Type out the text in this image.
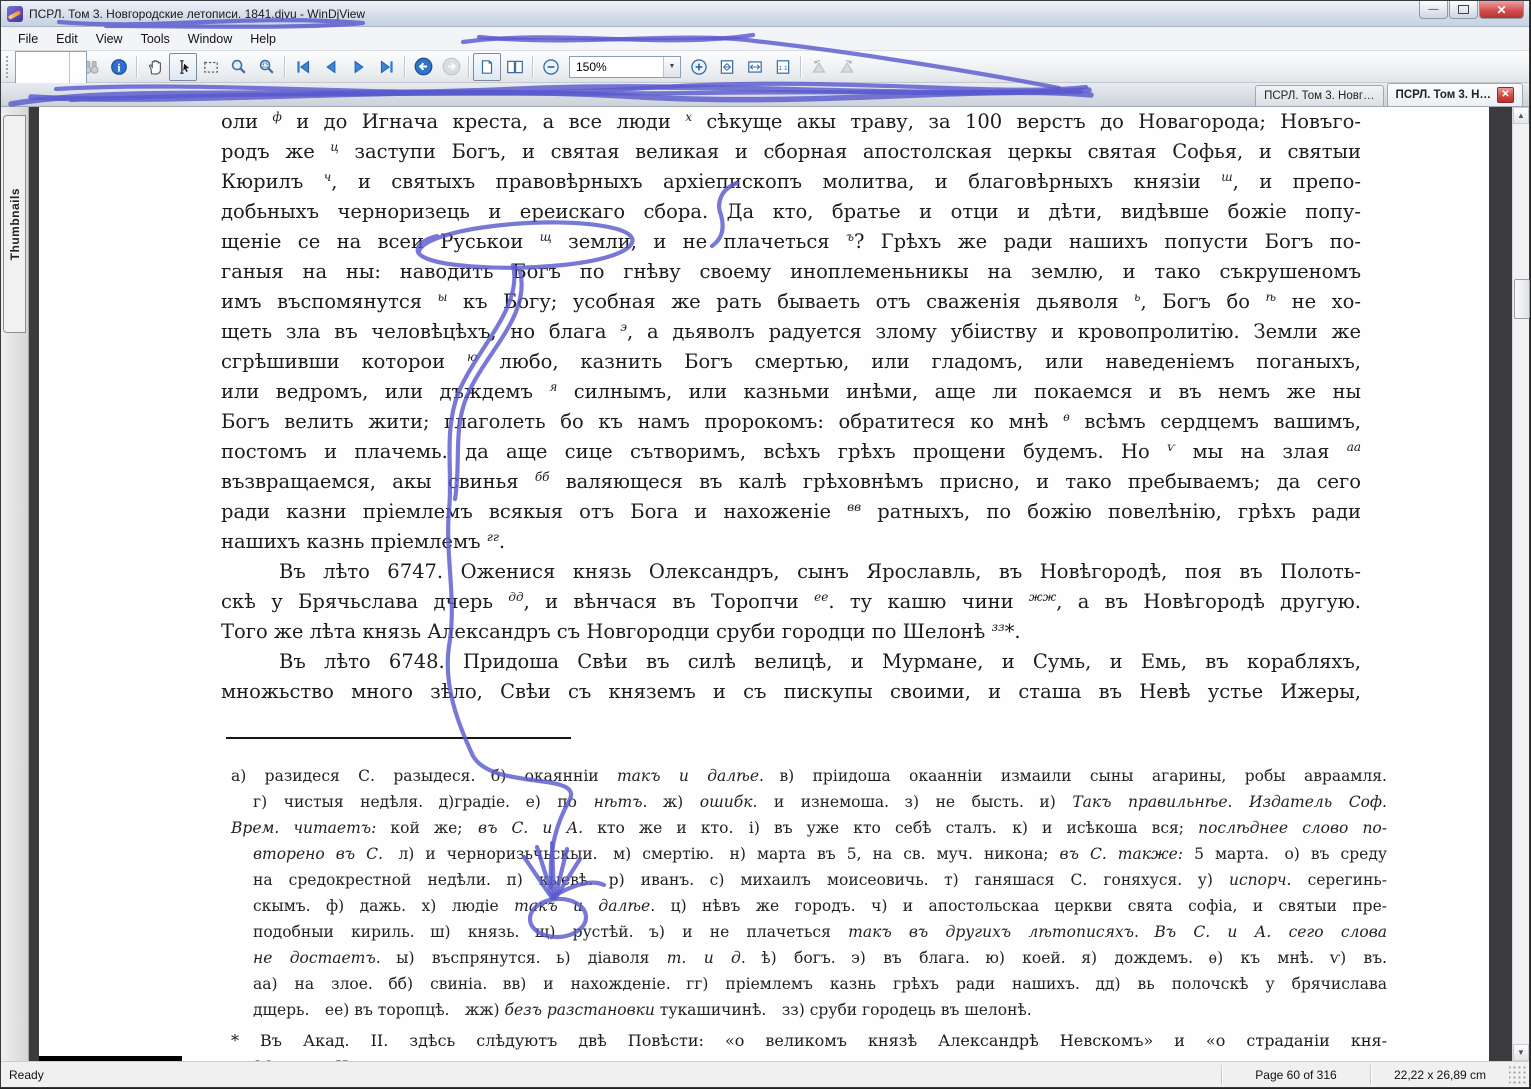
ПСРЛ. Том 3. Новгородские летописи. 1841.djvu - WinDjView	—	✕
File	Edit	View	Tools	Window	Help
i	150%	▼	1:1
ПСРЛ. Том 3. Новг… ПСРЛ. Том 3. Н…	✕
Thumbnails
оли $^ф$ и до Игнача креста, а все люди $^х$ сѣкуще акы траву, за 100 верстъ до Новагорода; Новъго-
родъ же $^ц$ заступи Богъ, и святая великая и сборная апостолская церкы святая Софья, и святыи
Кюрилъ $^ч$, и святыхъ правовѣрныхъ архіепископъ молитва, и благовѣрныхъ князіи $^ш$, и препо-
добьныхъ черноризець и ереискаго сбора. Да кто, братье и отци и дѣти, видѣвше божіе попу-
щеніе се на всеи Руськои $^щ$ земли, и не плачеться $^ъ$? Грѣхъ же ради нашихъ попусти Богъ по-
ганыя на ны: наводить Богъ по гнѣву своему иноплеменьникы на землю, и тако съкрушеномъ
имъ въспомянутся $^ы$ къ Богу; усобная же рать бываеть отъ сваженія дьяволя $^ь$, Богъ бо $^ѣ$ не хо-
щеть зла въ человѣцѣхъ, но блага $^э$, а дьяволъ радуется злому убіиству и кровопролитію. Земли же
сгрѣшивши которои $^ю$ любо, казнить Богъ смертью, или гладомъ, или наведеніемъ поганыхъ,
или ведромъ, или дъждемъ $^я$ силнымъ, или казньми инѣми, аще ли покаемся и въ немъ же ны
Богъ велить жити; глаголеть бо къ намъ пророкомъ: обратитеся ко мнѣ $^ѳ$ всѣмъ сердцемъ вашимъ,
постомъ и плачемь. да аще сице сътворимъ, всѣхъ грѣхъ прощени будемъ. Но $^ѵ$ мы на злая $^{аа}$
възвращаемся, акы свинья $^{бб}$ валяющеся въ калѣ грѣховнѣмъ присно, и тако пребываемъ; да сего
ради казни пріемлемъ всякыя отъ Бога и нахоженіе $^{вв}$ ратныхъ, по божію повелѣнію, грѣхъ ради
нашихъ казнь пріемлемъ $^{гг}$.
Въ лѣто 6747. Оженися князь Олександръ, сынъ Ярославль, въ Новѣгородѣ, поя въ Полоть-
скѣ у Брячьслава дчерь $^{дд}$, и вѣнчася въ Торопчи $^{ее}$. ту кашю чини $^{жж}$, а въ Новѣгородѣ другую.
Того же лѣта князь Александръ съ Новгородци сруби городци по Шелонѣ $^{зз}$*.
Въ лѣто 6748. Придоша Свѣи въ силѣ велицѣ, и Мурмане, и Сумь, и Емь, въ корабляхъ,
множьство много зѣло, Свѣи съ княземъ и съ пискупы своими, и сташа въ Невѣ устье Ижеры,
а) разидеся С. разыдеся.  б) окаянніи такъ и далѣе.  в) пріидоша окаанніи измаили сыны агарины, робы авраамля.
г) чистыя недѣля.  д)градіе.  е) по нѣтъ.  ж) ошибк. и изнемоша.  з) не бысть.  и) Такъ правильнѣе. Издатель Соф.
Врем. читаетъ: кой же;  въ С. и А. кто же и кто.  і) въ уже кто себѣ сталъ.  к) и исѣкоша вся; послѣднее слово по-
вторено въ С.  л) и черноризьчьскыи.  м) смертію.  н) марта въ 5, на св. муч. никона; въ С. также: 5 марта.  о) въ среду
на средокрестной недѣли.  п) кыевѣ.  р) иванъ.  с) михаилъ моисеовичь.  т) ганяшася С. гоняхуся.  у) испорч. серегинь-
скымъ.  ф) дажь.  х) людіе такъ и далѣе.  ц) нѣвъ же городъ.  ч) и апостольскаа церкви свята софіа, и святыи пре-
подобныи кириль.  ш) князь.  щ) рустѣй.  ъ) и не плачеться такъ въ другихъ лѣтописяхъ.  Въ С. и А. сего слова
не достаетъ.  ы) въспрянутся.  ь) діаволя т. и д.  ѣ) богъ.  э) въ блага.  ю) коей.  я) дождемъ.  ѳ) къ мнѣ.  ѵ) въ.
аа) на злое.  бб) свиніа.  вв) и нахожденіе.  гг) пріемлемъ казнь грѣхъ ради нашихъ.  дд) вь полочскѣ у брячислава
дщерь.  ее) въ торопцѣ.  жж) безъ разстановки тукашичинѣ.  зз) сруби городець въ шелонѣ.
* Въ Акад. II. здѣсь слѣдуютъ двѣ Повѣсти: «о великомъ князѣ Александрѣ Невскомъ» и «о страданіи кня-
▲
▼
Ready	Page 60 of 316	22,22 x 26,89 cm
